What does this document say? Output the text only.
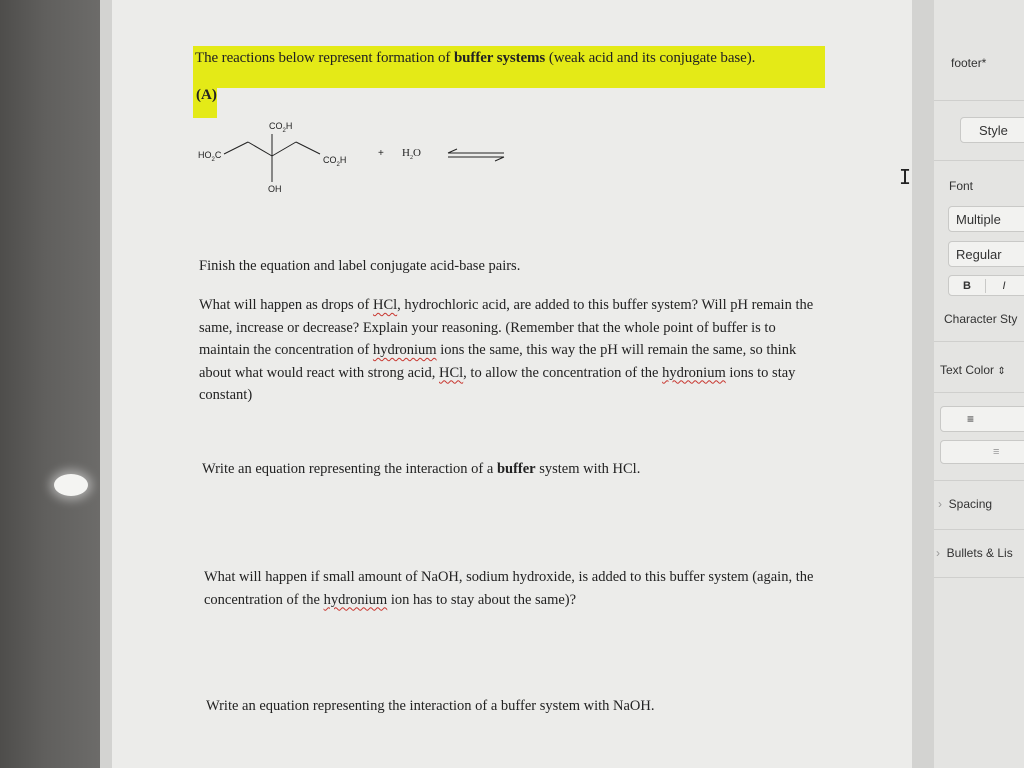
The reactions below represent formation of buffer systems (weak acid and its conjugate base).
(A)
$CO_2H$
$HO_2C$	$CO_2H$
OH
+ $H_2O$
Finish the equation and label conjugate acid-base pairs.
What will happen as drops of HCl, hydrochloric acid, are added to this buffer system? Will pH remain the
same, increase or decrease? Explain your reasoning. (Remember that the whole point of buffer is to
maintain the concentration of hydronium ions the same, this way the pH will remain the same, so think
about what would react with strong acid, HCl, to allow the concentration of the hydronium ions to stay
constant)
Write an equation representing the interaction of a buffer system with HCl.
What will happen if small amount of NaOH, sodium hydroxide, is added to this buffer system (again, the
concentration of the hydronium ion has to stay about the same)?
Write an equation representing the interaction of a buffer system with NaOH.
I
footer*
Style
Font
Multiple
Regular
B	I
Character Sty
Text Color ⇕
≡
≡
› Spacing
› Bullets & Lis
